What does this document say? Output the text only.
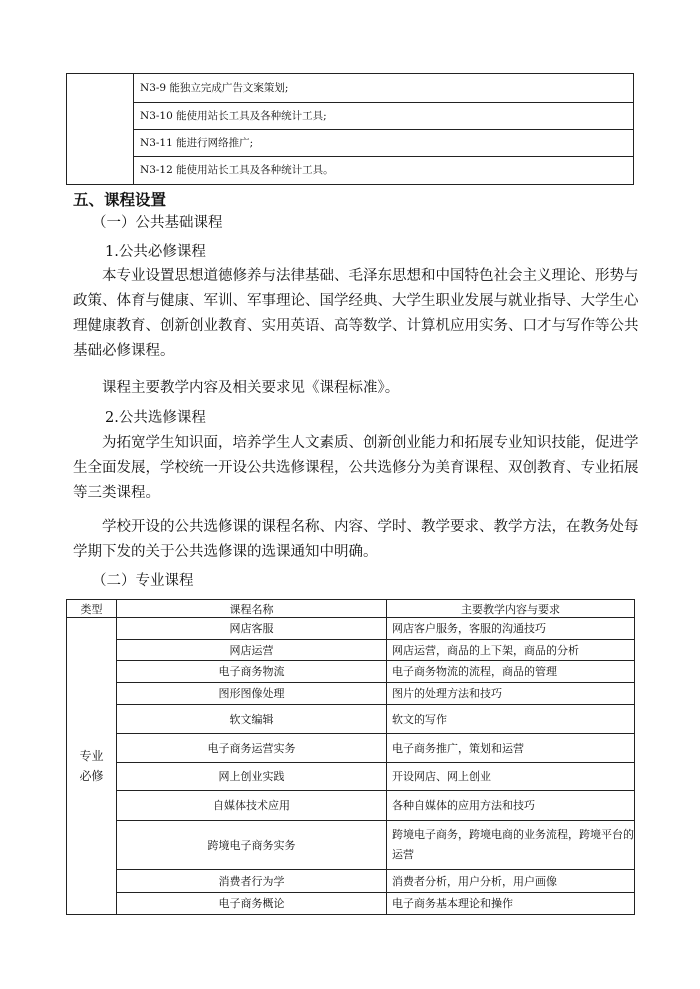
	N3-9 能独立完成广告文案策划;
N3-10 能使用站长工具及各种统计工具;
N3-11 能进行网络推广;
N3-12 能使用站长工具及各种统计工具。
五、课程设置
（一）公共基础课程
1.公共必修课程
本专业设置思想道德修养与法律基础、毛泽东思想和中国特色社会主义理论、形势与
政策、体育与健康、军训、军事理论、国学经典、大学生职业发展与就业指导、大学生心
理健康教育、创新创业教育、实用英语、高等数学、计算机应用实务、口才与写作等公共
基础必修课程。
课程主要教学内容及相关要求见《课程标准》。
2.公共选修课程
为拓宽学生知识面，培养学生人文素质、创新创业能力和拓展专业知识技能，促进学
生全面发展，学校统一开设公共选修课程，公共选修分为美育课程、双创教育、专业拓展
等三类课程。
学校开设的公共选修课的课程名称、内容、学时、教学要求、教学方法，在教务处每
学期下发的关于公共选修课的选课通知中明确。
（二）专业课程
类型	课程名称	主要教学内容与要求

专业
必修	网店客服	网店客户服务，客服的沟通技巧
	网店运营	网店运营，商品的上下架，商品的分析
	电子商务物流	电子商务物流的流程，商品的管理
	图形图像处理	图片的处理方法和技巧
	软文编辑	软文的写作
	电子商务运营实务	电子商务推广，策划和运营
	网上创业实践	开设网店、网上创业
	自媒体技术应用	各种自媒体的应用方法和技巧
	跨境电子商务实务	跨境电子商务，跨境电商的业务流程，跨境平台的运营
	消费者行为学	消费者分析，用户分析，用户画像
	电子商务概论	电子商务基本理论和操作
